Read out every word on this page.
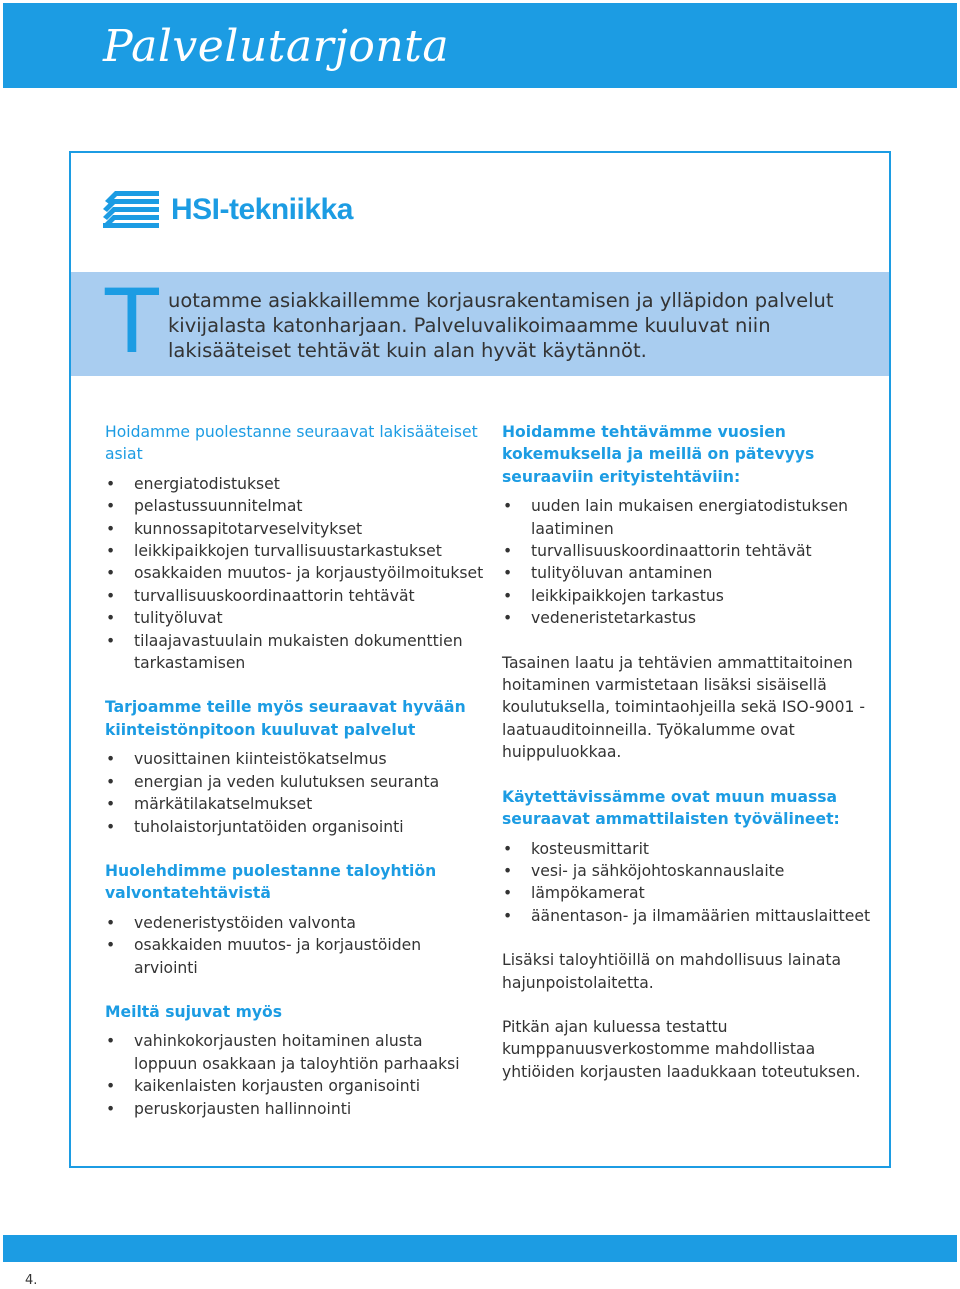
Palvelutarjonta
HSI-tekniikka
T uotamme asiakkaillemme korjausrakentamisen ja ylläpidon palvelut kivijalasta katonharjaan. Palveluvalikoimaamme kuuluvat niin lakisääteiset tehtävät kuin alan hyvät käytännöt.
Hoidamme puolestanne seuraavat lakisääteiset asiat
• energiatodistukset
• pelastussuunnitelmat
• kunnossapitotarveselvitykset
• leikkipaikkojen turvallisuustarkastukset
• osakkaiden muutos- ja korjaustyöilmoitukset
• turvallisuuskoordinaattorin tehtävät
• tulityöluvat
• tilaajavastuulain mukaisten dokumenttien tarkastamisen
Tarjoamme teille myös seuraavat hyvään kiinteistönpitoon kuuluvat palvelut
• vuosittainen kiinteistökatselmus
• energian ja veden kulutuksen seuranta
• märkätilakatselmukset
• tuholaistorjuntatöiden organisointi
Huolehdimme puolestanne taloyhtiön valvontatehtävistä
• vedeneristystöiden valvonta
• osakkaiden muutos- ja korjaustöiden arviointi
Meiltä sujuvat myös
• vahinkokorjausten hoitaminen alusta loppuun osakkaan ja taloyhtiön parhaaksi
• kaikenlaisten korjausten organisointi
• peruskorjausten hallinnointi
Hoidamme tehtävämme vuosien kokemuksella ja meillä on pätevyys seuraaviin erityistehtäviin:
• uuden lain mukaisen energiatodistuksen laatiminen
• turvallisuuskoordinaattorin tehtävät
• tulityöluvan antaminen
• leikkipaikkojen tarkastus
• vedeneristetarkastus

Tasainen laatu ja tehtävien ammattitaitoinen hoitaminen varmistetaan lisäksi sisäisellä koulutuksella, toimintaohjeilla sekä ISO-9001 -laatuauditoinneilla. Työkalumme ovat huippuluokkaa.

Käytettävissämme ovat muun muassa seuraavat ammattilaisten työvälineet:
• kosteusmittarit
• vesi- ja sähköjohtoskannauslaite
• lämpökamerat
• äänentason- ja ilmamäärien mittauslaitteet

Lisäksi taloyhtiöillä on mahdollisuus lainata hajunpoistolaitetta.

Pitkän ajan kuluessa testattu kumppanuusverkostomme mahdollistaa yhtiöiden korjausten laadukkaan toteutuksen.

4.
